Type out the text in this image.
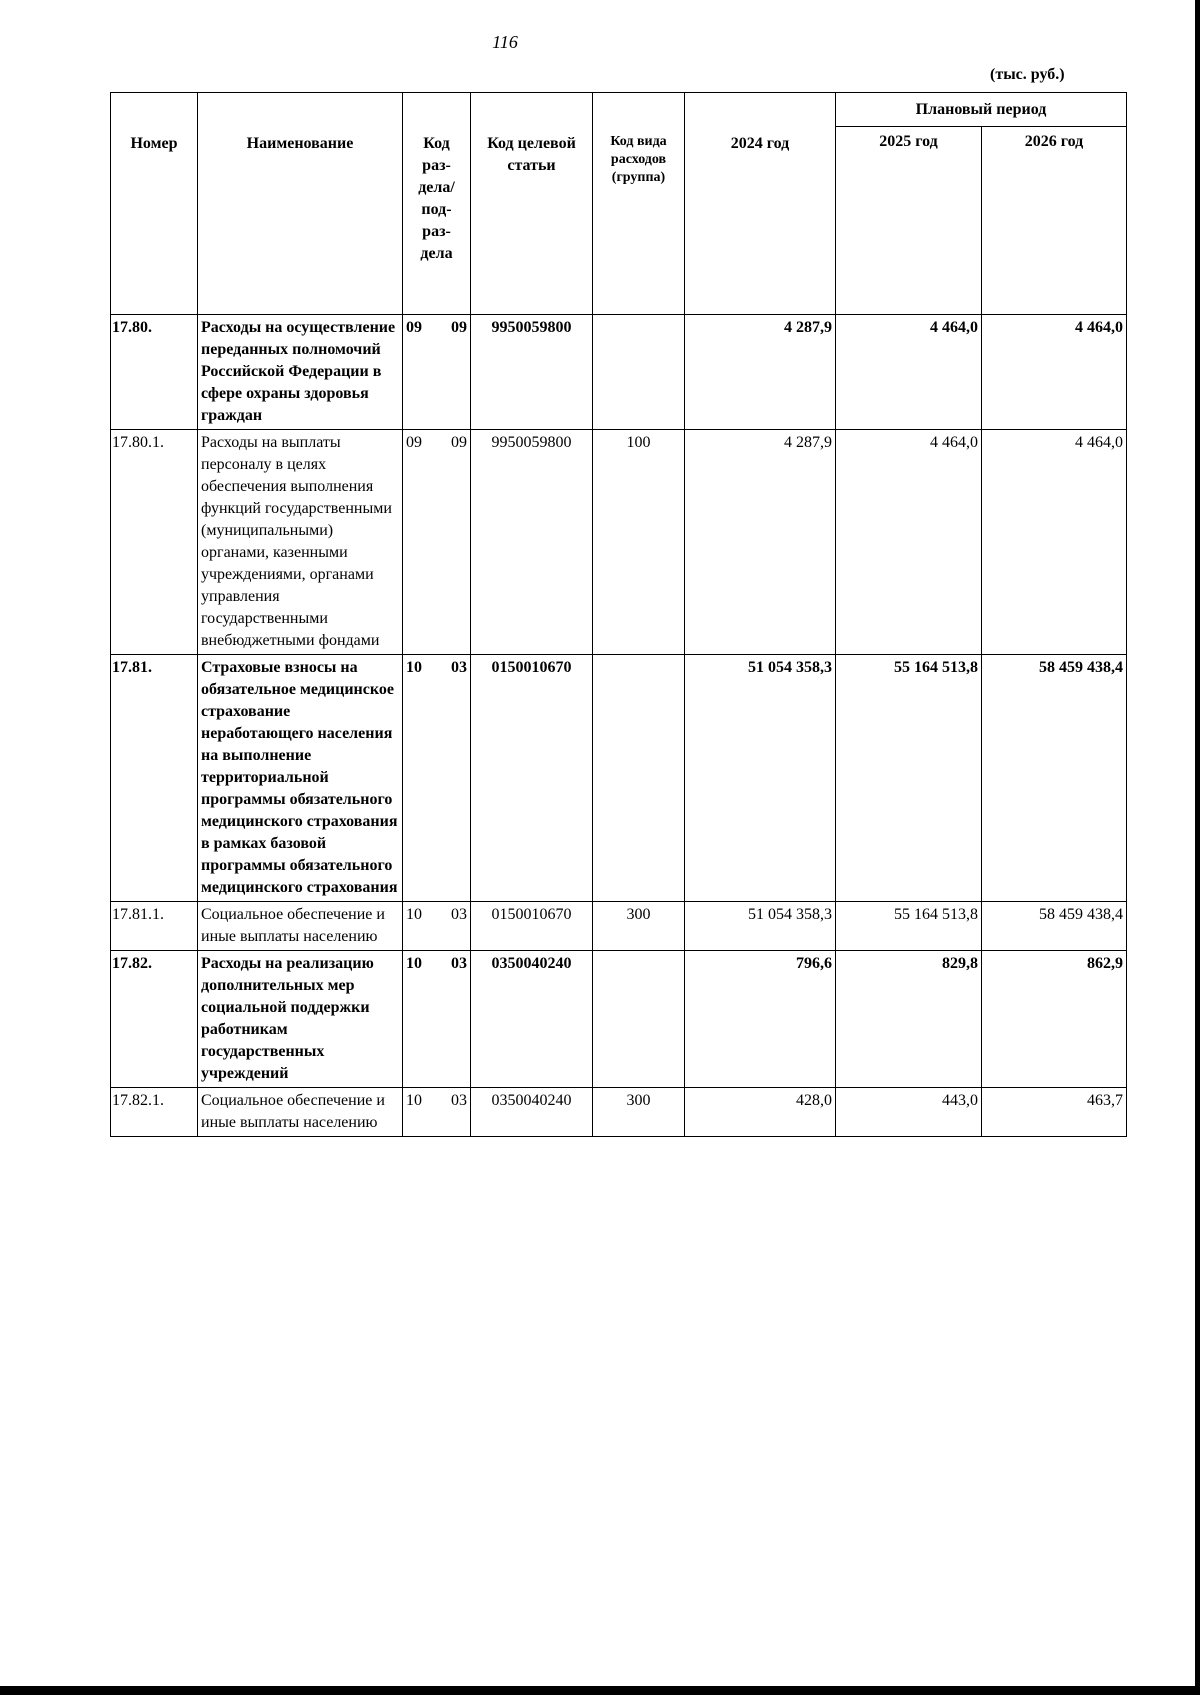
116
(тыс. руб.)
Номер	Наименование	Код раз- дела/ под- раз- дела	Код целевой статьи	Код вида расходов (группа)	2024 год	Плановый период	
						2025 год	2026 год
17.80.	Расходы на осуществление переданных полномочий Российской Федерации в сфере охраны здоровья граждан	09 09	9950059800		4 287,9	4 464,0	4 464,0
17.80.1.	Расходы на выплаты персоналу в целях обеспечения выполнения функций государственными (муниципальными) органами, казенными учреждениями, органами управления государственными внебюджетными фондами	09 09	9950059800	100	4 287,9	4 464,0	4 464,0
17.81.	Страховые взносы на обязательное медицинское страхование неработающего населения на выполнение территориальной программы обязательного медицинского страхования в рамках базовой программы обязательного медицинского страхования	10 03	0150010670		51 054 358,3	55 164 513,8	58 459 438,4
17.81.1.	Социальное обеспечение и иные выплаты населению	10 03	0150010670	300	51 054 358,3	55 164 513,8	58 459 438,4
17.82.	Расходы на реализацию дополнительных мер социальной поддержки работникам государственных учреждений	10 03	0350040240		796,6	829,8	862,9
17.82.1.	Социальное обеспечение и иные выплаты населению	10 03	0350040240	300	428,0	443,0	463,7
